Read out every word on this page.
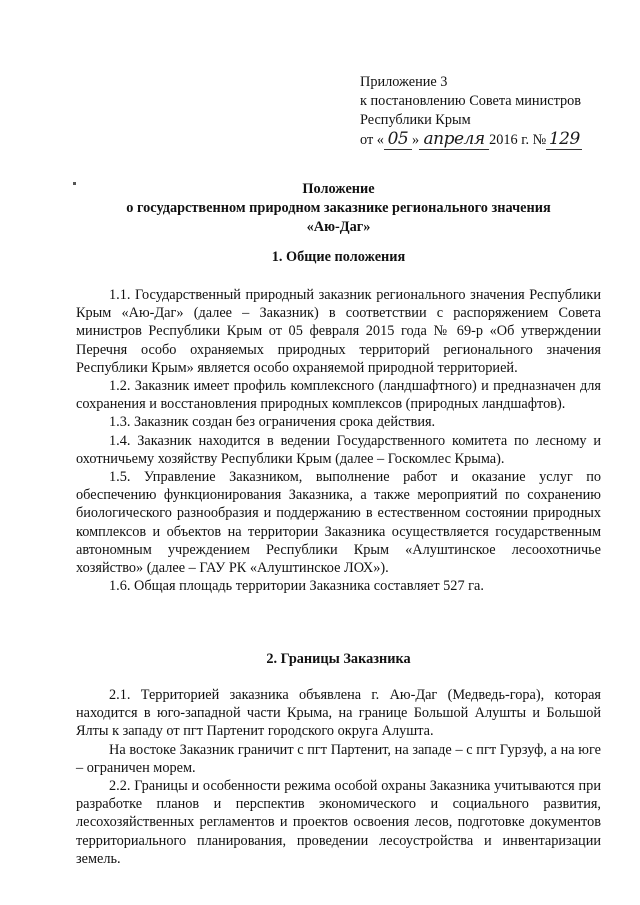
Приложение 3
к постановлению Совета министров
Республики Крым
от « 05 » апреля 2016 г. № 129
Положение
о государственном природном заказнике регионального значения
«Аю-Даг»
1. Общие положения

1.1. Государственный природный заказник регионального значения Республики Крым «Аю-Даг» (далее – Заказник) в соответствии с распоряжением Совета министров Республики Крым от 05 февраля 2015 года № 69-р «Об утверждении Перечня особо охраняемых природных территорий регионального значения Республики Крым» является особо охраняемой природной территорией.

1.2. Заказник имеет профиль комплексного (ландшафтного) и предназначен для сохранения и восстановления природных комплексов (природных ландшафтов).

1.3. Заказник создан без ограничения срока действия.

1.4. Заказник находится в ведении Государственного комитета по лесному и охотничьему хозяйству Республики Крым (далее – Госкомлес Крыма).

1.5. Управление Заказником, выполнение работ и оказание услуг по обеспечению функционирования Заказника, а также мероприятий по сохранению биологического разнообразия и поддержанию в естественном состоянии природных комплексов и объектов на территории Заказника осуществляется государственным автономным учреждением Республики Крым «Алуштинское лесоохотничье хозяйство» (далее – ГАУ РК «Алуштинское ЛОХ»).

1.6. Общая площадь территории Заказника составляет 527 га.

2. Границы Заказника

2.1. Территорией заказника объявлена г. Аю-Даг (Медведь-гора), которая находится в юго-западной части Крыма, на границе Большой Алушты и Большой Ялты к западу от пгт Партенит городского округа Алушта.

На востоке Заказник граничит с пгт Партенит, на западе – с пгт Гурзуф, а на юге – ограничен морем.

2.2. Границы и особенности режима особой охраны Заказника учитываются при разработке планов и перспектив экономического и социального развития, лесохозяйственных регламентов и проектов освоения лесов, подготовке документов территориального планирования, проведении лесоустройства и инвентаризации земель.
